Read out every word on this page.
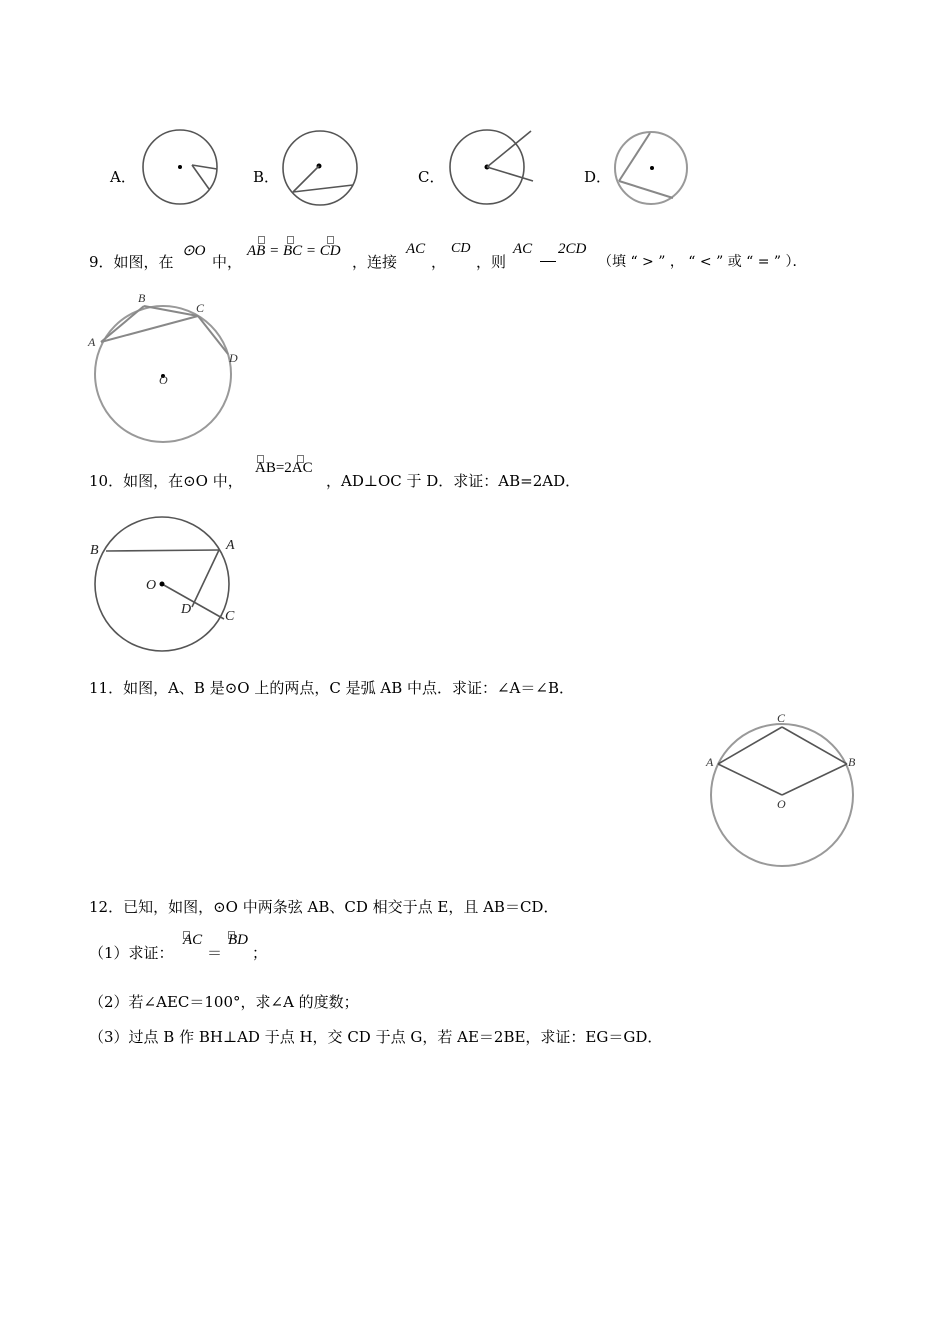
A．	B．	C．	D．
9．如图，在
⊙O
中，
AB = BC = CD
，连接
AC
，
CD
，则
AC 2CD
（填 “ > ” ， “ < ” 或 “ = ” ）．
A
B
C
D
O
10．如图，在⊙O 中，
AB=2AC
，AD⊥OC 于 D．求证：AB=2AD．
B	A
O
D C
11．如图，A、B 是⊙O 上的两点，C 是弧 AB 中点．求证：∠A＝∠B．
C
A	B
O
12．已知，如图，⊙O 中两条弦 AB、CD 相交于点 E，且 AB＝CD．
（1）求证：
AC
＝
BD
；
（2）若∠AEC＝100°，求∠A 的度数；
（3）过点 B 作 BH⊥AD 于点 H，交 CD 于点 G，若 AE＝2BE，求证：EG＝GD．
